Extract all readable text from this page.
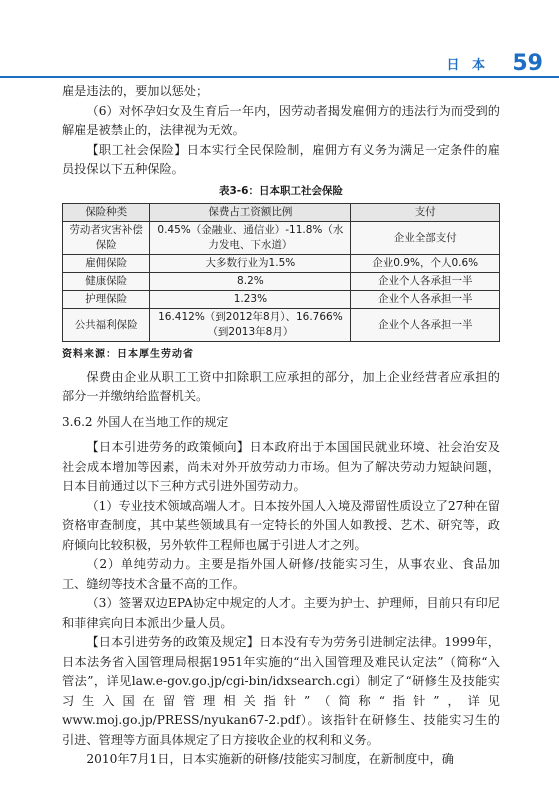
日 本 59

雇是违法的，要加以惩处；

（6）对怀孕妇女及生育后一年内，因劳动者揭发雇佣方的违法行为而受到的解雇是被禁止的，法律视为无效。

【职工社会保险】日本实行全民保险制，雇佣方有义务为满足一定条件的雇员投保以下五种保险。

表3-6：日本职工社会保险
保险种类	保费占工资额比例	支付
劳动者灾害补偿保险	0.45%（金融业、通信业）-11.8%（水力发电、下水道）	企业全部支付
雇佣保险	大多数行业为1.5%	企业0.9%，个人0.6%
健康保险	8.2%	企业个人各承担一半
护理保险	1.23%	企业个人各承担一半
公共福利保险	16.412%（到2012年8月）、16.766%（到2013年8月）	企业个人各承担一半
资料来源：日本厚生劳动省

保费由企业从职工工资中扣除职工应承担的部分，加上企业经营者应承担的部分一并缴纳给监督机关。

3.6.2 外国人在当地工作的规定

【日本引进劳务的政策倾向】日本政府出于本国国民就业环境、社会治安及社会成本增加等因素，尚未对外开放劳动力市场。但为了解决劳动力短缺问题，日本目前通过以下三种方式引进外国劳动力。

（1）专业技术领域高端人才。日本按外国人入境及滞留性质设立了27种在留资格审查制度，其中某些领域具有一定特长的外国人如教授、艺术、研究等，政府倾向比较积极，另外软件工程师也属于引进人才之列。

（2）单纯劳动力。主要是指外国人研修/技能实习生，从事农业、食品加工、缝纫等技术含量不高的工作。

（3）签署双边EPA协定中规定的人才。主要为护士、护理师，目前只有印尼和菲律宾向日本派出少量人员。

【日本引进劳务的政策及规定】日本没有专为劳务引进制定法律。1999年，日本法务省入国管理局根据1951年实施的“出入国管理及难民认定法”（简称“入管法”，详见law.e-gov.go.jp/cgi-bin/idxsearch.cgi）制定了“研修生及技能实习生入国在留管理相关指针”（简称“指针”，详见www.moj.go.jp/PRESS/nyukan67-2.pdf）。该指针在研修生、技能实习生的引进、管理等方面具体规定了日方接收企业的权利和义务。

2010年7月1日，日本实施新的研修/技能实习制度，在新制度中，确
